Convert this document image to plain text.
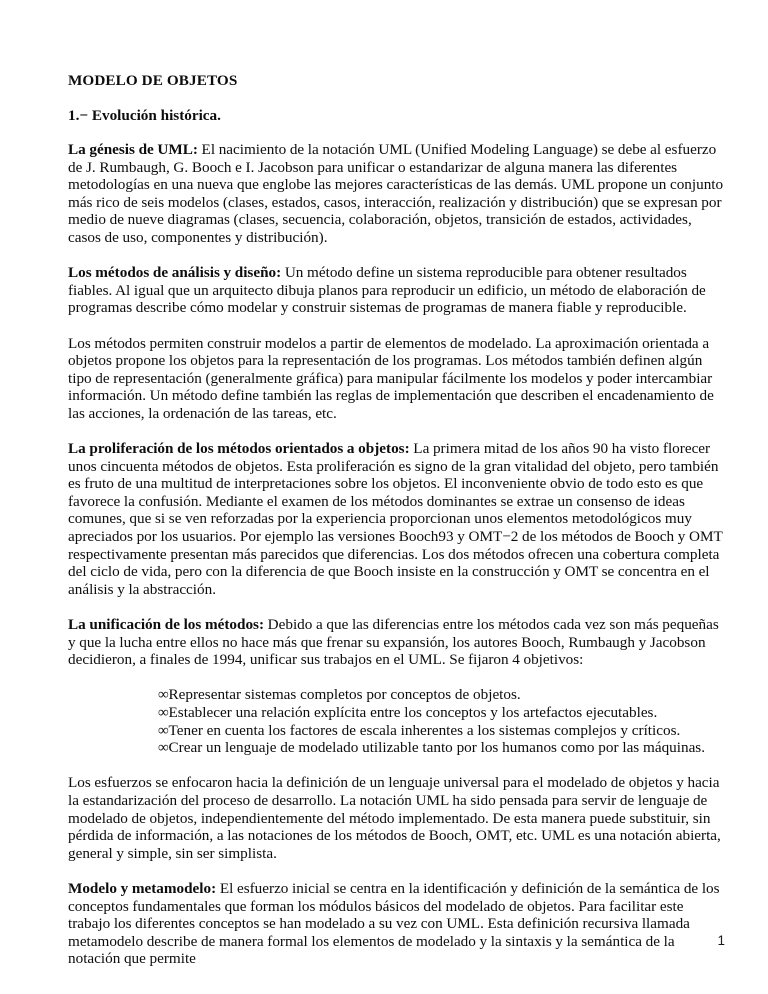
MODELO DE OBJETOS
1.− Evolución histórica.

La génesis de UML: El nacimiento de la notación UML (Unified Modeling Language) se debe al esfuerzo de J. Rumbaugh, G. Booch e I. Jacobson para unificar o estandarizar de alguna manera las diferentes metodologías en una nueva que englobe las mejores características de las demás. UML propone un conjunto más rico de seis modelos (clases, estados, casos, interacción, realización y distribución) que se expresan por medio de nueve diagramas (clases, secuencia, colaboración, objetos, transición de estados, actividades, casos de uso, componentes y distribución).

Los métodos de análisis y diseño: Un método define un sistema reproducible para obtener resultados fiables. Al igual que un arquitecto dibuja planos para reproducir un edificio, un método de elaboración de programas describe cómo modelar y construir sistemas de programas de manera fiable y reproducible.

Los métodos permiten construir modelos a partir de elementos de modelado. La aproximación orientada a objetos propone los objetos para la representación de los programas. Los métodos también definen algún tipo de representación (generalmente gráfica) para manipular fácilmente los modelos y poder intercambiar información. Un método define también las reglas de implementación que describen el encadenamiento de las acciones, la ordenación de las tareas, etc.

La proliferación de los métodos orientados a objetos: La primera mitad de los años 90 ha visto florecer unos cincuenta métodos de objetos. Esta proliferación es signo de la gran vitalidad del objeto, pero también es fruto de una multitud de interpretaciones sobre los objetos. El inconveniente obvio de todo esto es que favorece la confusión. Mediante el examen de los métodos dominantes se extrae un consenso de ideas comunes, que si se ven reforzadas por la experiencia proporcionan unos elementos metodológicos muy apreciados por los usuarios. Por ejemplo las versiones Booch93 y OMT−2 de los métodos de Booch y OMT respectivamente presentan más parecidos que diferencias. Los dos métodos ofrecen una cobertura completa del ciclo de vida, pero con la diferencia de que Booch insiste en la construcción y OMT se concentra en el análisis y la abstracción.

La unificación de los métodos: Debido a que las diferencias entre los métodos cada vez son más pequeñas y que la lucha entre ellos no hace más que frenar su expansión, los autores Booch, Rumbaugh y Jacobson decidieron, a finales de 1994, unificar sus trabajos en el UML. Se fijaron 4 objetivos:

∞Representar sistemas completos por conceptos de objetos.
∞Establecer una relación explícita entre los conceptos y los artefactos ejecutables.
∞Tener en cuenta los factores de escala inherentes a los sistemas complejos y críticos.
∞Crear un lenguaje de modelado utilizable tanto por los humanos como por las máquinas.

Los esfuerzos se enfocaron hacia la definición de un lenguaje universal para el modelado de objetos y hacia la estandarización del proceso de desarrollo. La notación UML ha sido pensada para servir de lenguaje de modelado de objetos, independientemente del método implementado. De esta manera puede substituir, sin pérdida de información, a las notaciones de los métodos de Booch, OMT, etc. UML es una notación abierta, general y simple, sin ser simplista.

Modelo y metamodelo: El esfuerzo inicial se centra en la identificación y definición de la semántica de los conceptos fundamentales que forman los módulos básicos del modelado de objetos. Para facilitar este trabajo los diferentes conceptos se han modelado a su vez con UML. Esta definición recursiva llamada metamodelo describe de manera formal los elementos de modelado y la sintaxis y la semántica de la notación que permite

1
